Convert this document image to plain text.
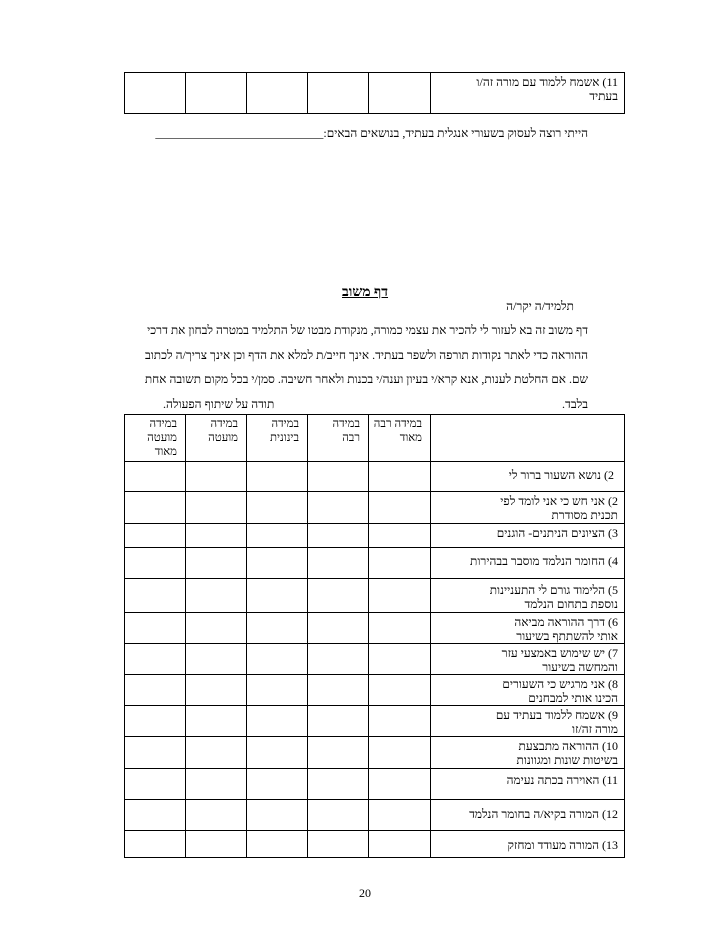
					11) אשמח ללמוד עם מורה זה/ו בעתיד
הייתי רוצה לעסוק בשעורי אנגלית בעתיד, בנושאים הבאים:____________________________
דף משוב
תלמיד/ה יקר/ה
דף משוב זה בא לעזור לי להכיר את עצמי כמורה, מנקודת מבטו של התלמיד במטרה לבחון את דרכי
ההוראה כדי לאתר נקודות תורפה ולשפר בעתיד. אינך חייב/ת למלא את הדף וכן אינך צריך/ה לכתוב
שם. אם החלטת לענות, אנא קרא/י בעיון וענה/י בכנות ולאחר חשיבה. סמן/י בכל מקום תשובה אחת
בלבד.
תודה על שיתוף הפעולה.
במידה מועטה מאוד	במידה מועטה	במידה בינונית	במידה רבה	במידה רבה מאוד	
					2) נושא השעור ברור לי
					2) אני חש כי אני לומד לפי תכנית מסודרת
					3) הציונים הניתנים- הוגנים
					4) החומר הנלמד מוסבר בבהירות
					5) הלימוד גורם לי התעניינות נוספת בתחום הנלמד
					6) דרך ההוראה מביאה אותי להשתתף בשיעור
					7) יש שימוש באמצעי עזר והמחשה בשיעור
					8) אני מרגיש כי השעורים הכינו אותי למבחנים
					9) אשמח ללמוד בעתיד עם מורה זה/זו
					10) ההוראה מתבצעת בשיטות שונות ומגוונות
					11) האוירה בכתה נעימה
					12) המורה בקיא/ה בחומר הנלמד
					13) המורה מעודד ומחזק
20
